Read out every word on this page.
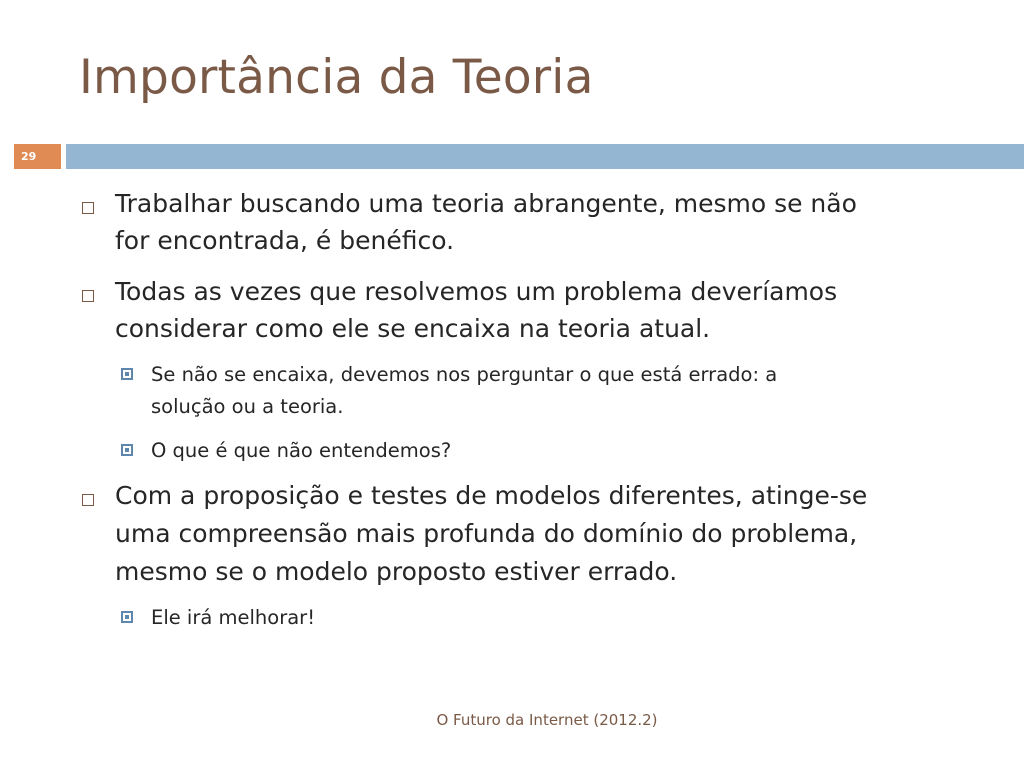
Importância da Teoria
29
Trabalhar buscando uma teoria abrangente, mesmo se não
for encontrada, é benéfico.
Todas as vezes que resolvemos um problema deveríamos
considerar como ele se encaixa na teoria atual.
Se não se encaixa, devemos nos perguntar o que está errado: a
solução ou a teoria.
O que é que não entendemos?
Com a proposição e testes de modelos diferentes, atinge-se
uma compreensão mais profunda do domínio do problema,
mesmo se o modelo proposto estiver errado.
Ele irá melhorar!
O Futuro da Internet (2012.2)
